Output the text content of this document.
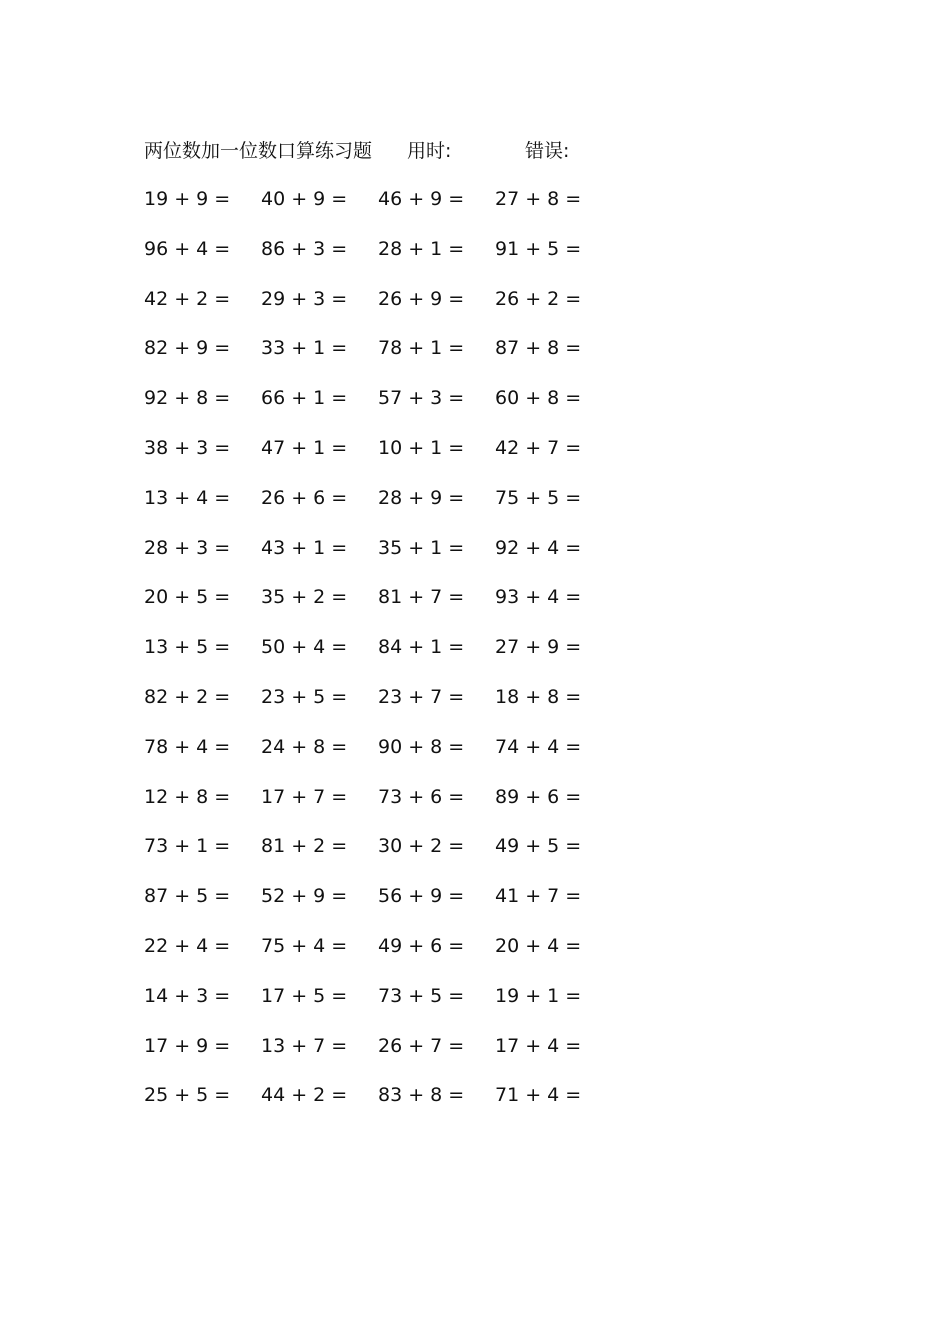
两位数加一位数口算练习题 用时:	错误:
19 + 9 = 40 + 9 = 46 + 9 = 27 + 8 =
96 + 4 = 86 + 3 = 28 + 1 = 91 + 5 =
42 + 2 = 29 + 3 = 26 + 9 = 26 + 2 =
82 + 9 = 33 + 1 = 78 + 1 = 87 + 8 =
92 + 8 = 66 + 1 = 57 + 3 = 60 + 8 =
38 + 3 = 47 + 1 = 10 + 1 = 42 + 7 =
13 + 4 = 26 + 6 = 28 + 9 = 75 + 5 =
28 + 3 = 43 + 1 = 35 + 1 = 92 + 4 =
20 + 5 = 35 + 2 = 81 + 7 = 93 + 4 =
13 + 5 = 50 + 4 = 84 + 1 = 27 + 9 =
82 + 2 = 23 + 5 = 23 + 7 = 18 + 8 =
78 + 4 = 24 + 8 = 90 + 8 = 74 + 4 =
12 + 8 = 17 + 7 = 73 + 6 = 89 + 6 =
73 + 1 = 81 + 2 = 30 + 2 = 49 + 5 =
87 + 5 = 52 + 9 = 56 + 9 = 41 + 7 =
22 + 4 = 75 + 4 = 49 + 6 = 20 + 4 =
14 + 3 = 17 + 5 = 73 + 5 = 19 + 1 =
17 + 9 = 13 + 7 = 26 + 7 = 17 + 4 =
25 + 5 = 44 + 2 = 83 + 8 = 71 + 4 =
